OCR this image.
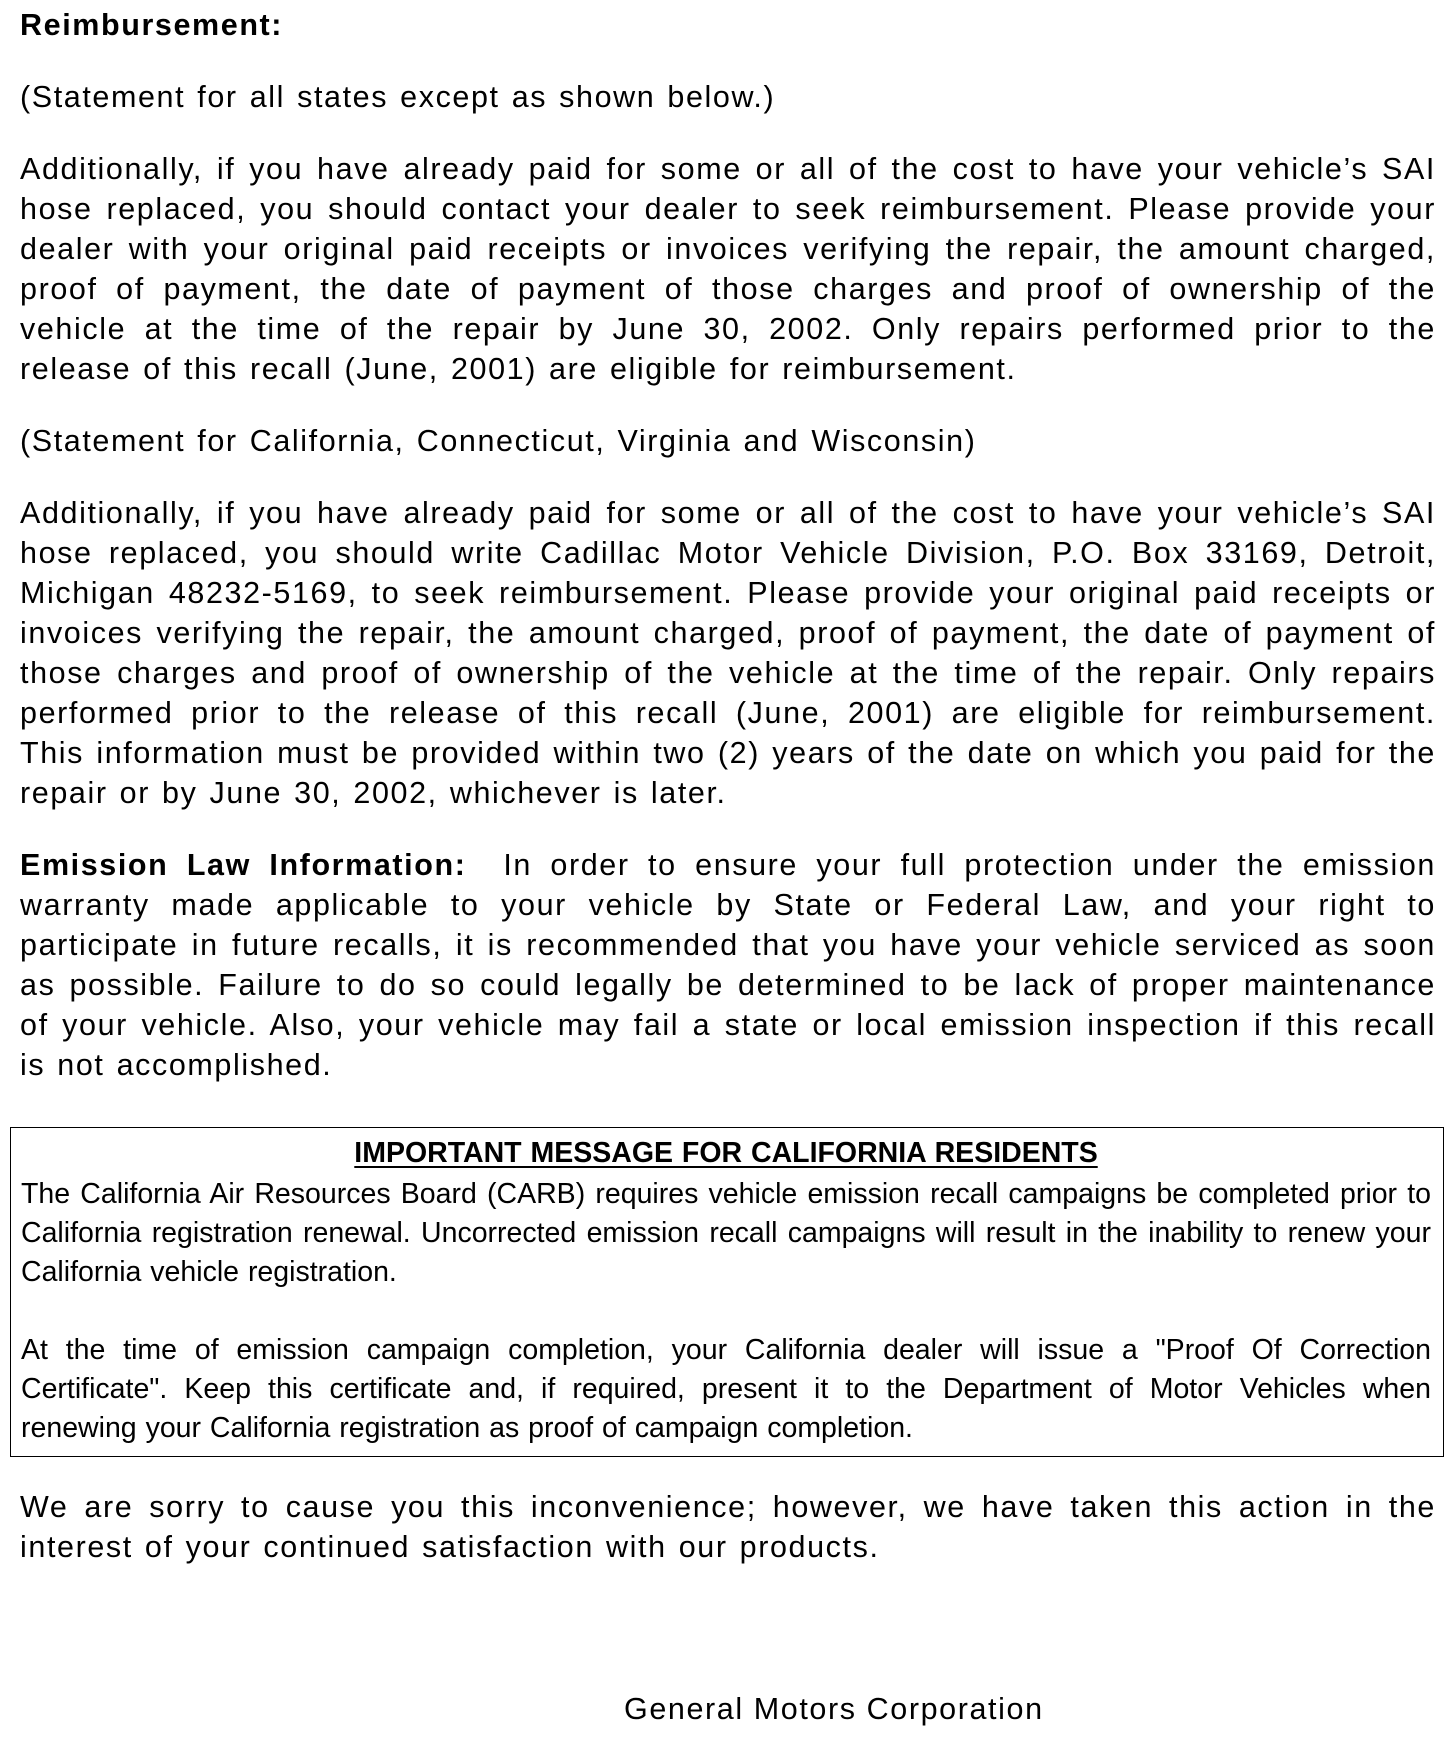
Reimbursement:

(Statement for all states except as shown below.)

Additionally, if you have already paid for some or all of the cost to have your vehicle’s SAI hose replaced, you should contact your dealer to seek reimbursement. Please provide your dealer with your original paid receipts or invoices verifying the repair, the amount charged, proof of payment, the date of payment of those charges and proof of ownership of the vehicle at the time of the repair by June 30, 2002. Only repairs performed prior to the release of this recall (June, 2001) are eligible for reimbursement.

(Statement for California, Connecticut, Virginia and Wisconsin)

Additionally, if you have already paid for some or all of the cost to have your vehicle’s SAI hose replaced, you should write Cadillac Motor Vehicle Division, P.O. Box 33169, Detroit, Michigan 48232-5169, to seek reimbursement. Please provide your original paid receipts or invoices verifying the repair, the amount charged, proof of payment, the date of payment of those charges and proof of ownership of the vehicle at the time of the repair. Only repairs performed prior to the release of this recall (June, 2001) are eligible for reimbursement. This information must be provided within two (2) years of the date on which you paid for the repair or by June 30, 2002, whichever is later.

Emission Law Information: In order to ensure your full protection under the emission warranty made applicable to your vehicle by State or Federal Law, and your right to participate in future recalls, it is recommended that you have your vehicle serviced as soon as possible. Failure to do so could legally be determined to be lack of proper maintenance of your vehicle. Also, your vehicle may fail a state or local emission inspection if this recall is not accomplished.

IMPORTANT MESSAGE FOR CALIFORNIA RESIDENTS

The California Air Resources Board (CARB) requires vehicle emission recall campaigns be completed prior to California registration renewal. Uncorrected emission recall campaigns will result in the inability to renew your California vehicle registration.

At the time of emission campaign completion, your California dealer will issue a "Proof Of Correction Certificate". Keep this certificate and, if required, present it to the Department of Motor Vehicles when renewing your California registration as proof of campaign completion.

We are sorry to cause you this inconvenience; however, we have taken this action in the interest of your continued satisfaction with our products.

General Motors Corporation
